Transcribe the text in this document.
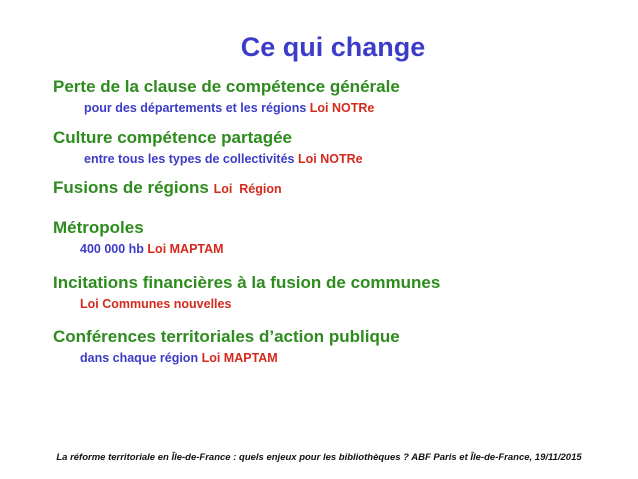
Ce qui change
Perte de la clause de compétence générale
pour des départements et les régions Loi NOTRe
Culture compétence partagée
entre tous les types de collectivités Loi NOTRe
Fusions de régions Loi  Région
Métropoles
400 000 hb Loi MAPTAM
Incitations financières à la fusion de communes
Loi Communes nouvelles
Conférences territoriales d’action publique
dans chaque région Loi MAPTAM
La réforme territoriale en Île-de-France : quels enjeux pour les bibliothèques ? ABF Paris et Île-de-France, 19/11/2015
